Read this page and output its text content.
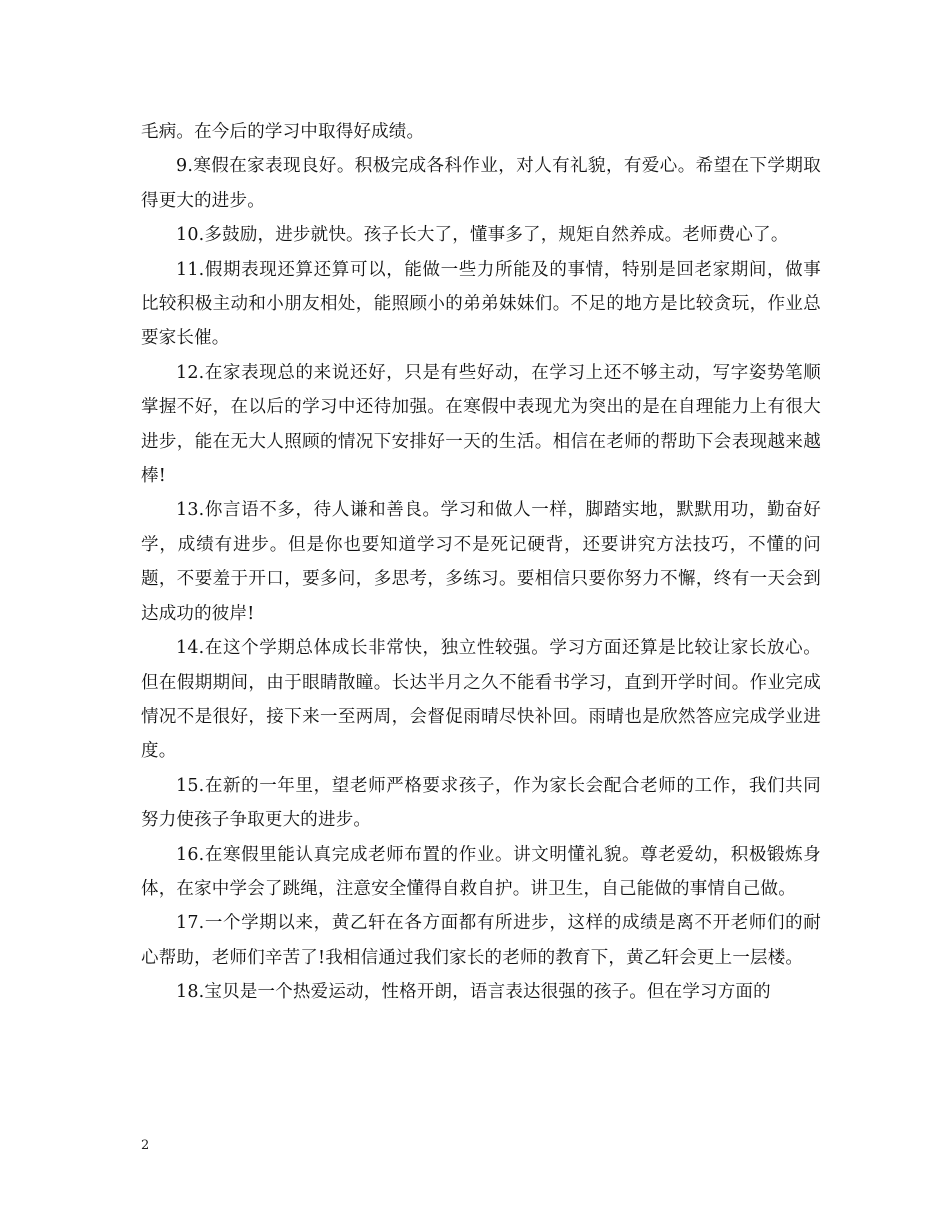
毛病。在今后的学习中取得好成绩。

9.寒假在家表现良好。积极完成各科作业，对人有礼貌，有爱心。希望在下学期取得更大的进步。

10.多鼓励，进步就快。孩子长大了，懂事多了，规矩自然养成。老师费心了。

11.假期表现还算还算可以，能做一些力所能及的事情，特别是回老家期间，做事比较积极主动和小朋友相处，能照顾小的弟弟妹妹们。不足的地方是比较贪玩，作业总要家长催。

12.在家表现总的来说还好，只是有些好动，在学习上还不够主动，写字姿势笔顺掌握不好，在以后的学习中还待加强。在寒假中表现尤为突出的是在自理能力上有很大进步，能在无大人照顾的情况下安排好一天的生活。相信在老师的帮助下会表现越来越棒!

13.你言语不多，待人谦和善良。学习和做人一样，脚踏实地，默默用功，勤奋好学，成绩有进步。但是你也要知道学习不是死记硬背，还要讲究方法技巧，不懂的问题，不要羞于开口，要多问，多思考，多练习。要相信只要你努力不懈，终有一天会到达成功的彼岸!

14.在这个学期总体成长非常快，独立性较强。学习方面还算是比较让家长放心。但在假期期间，由于眼睛散瞳。长达半月之久不能看书学习，直到开学时间。作业完成情况不是很好，接下来一至两周，会督促雨晴尽快补回。雨晴也是欣然答应完成学业进度。

15.在新的一年里，望老师严格要求孩子，作为家长会配合老师的工作，我们共同努力使孩子争取更大的进步。

16.在寒假里能认真完成老师布置的作业。讲文明懂礼貌。尊老爱幼，积极锻炼身体，在家中学会了跳绳，注意安全懂得自救自护。讲卫生，自己能做的事情自己做。

17.一个学期以来，黄乙轩在各方面都有所进步，这样的成绩是离不开老师们的耐心帮助，老师们辛苦了!我相信通过我们家长的老师的教育下，黄乙轩会更上一层楼。

18.宝贝是一个热爱运动，性格开朗，语言表达很强的孩子。但在学习方面的

2
